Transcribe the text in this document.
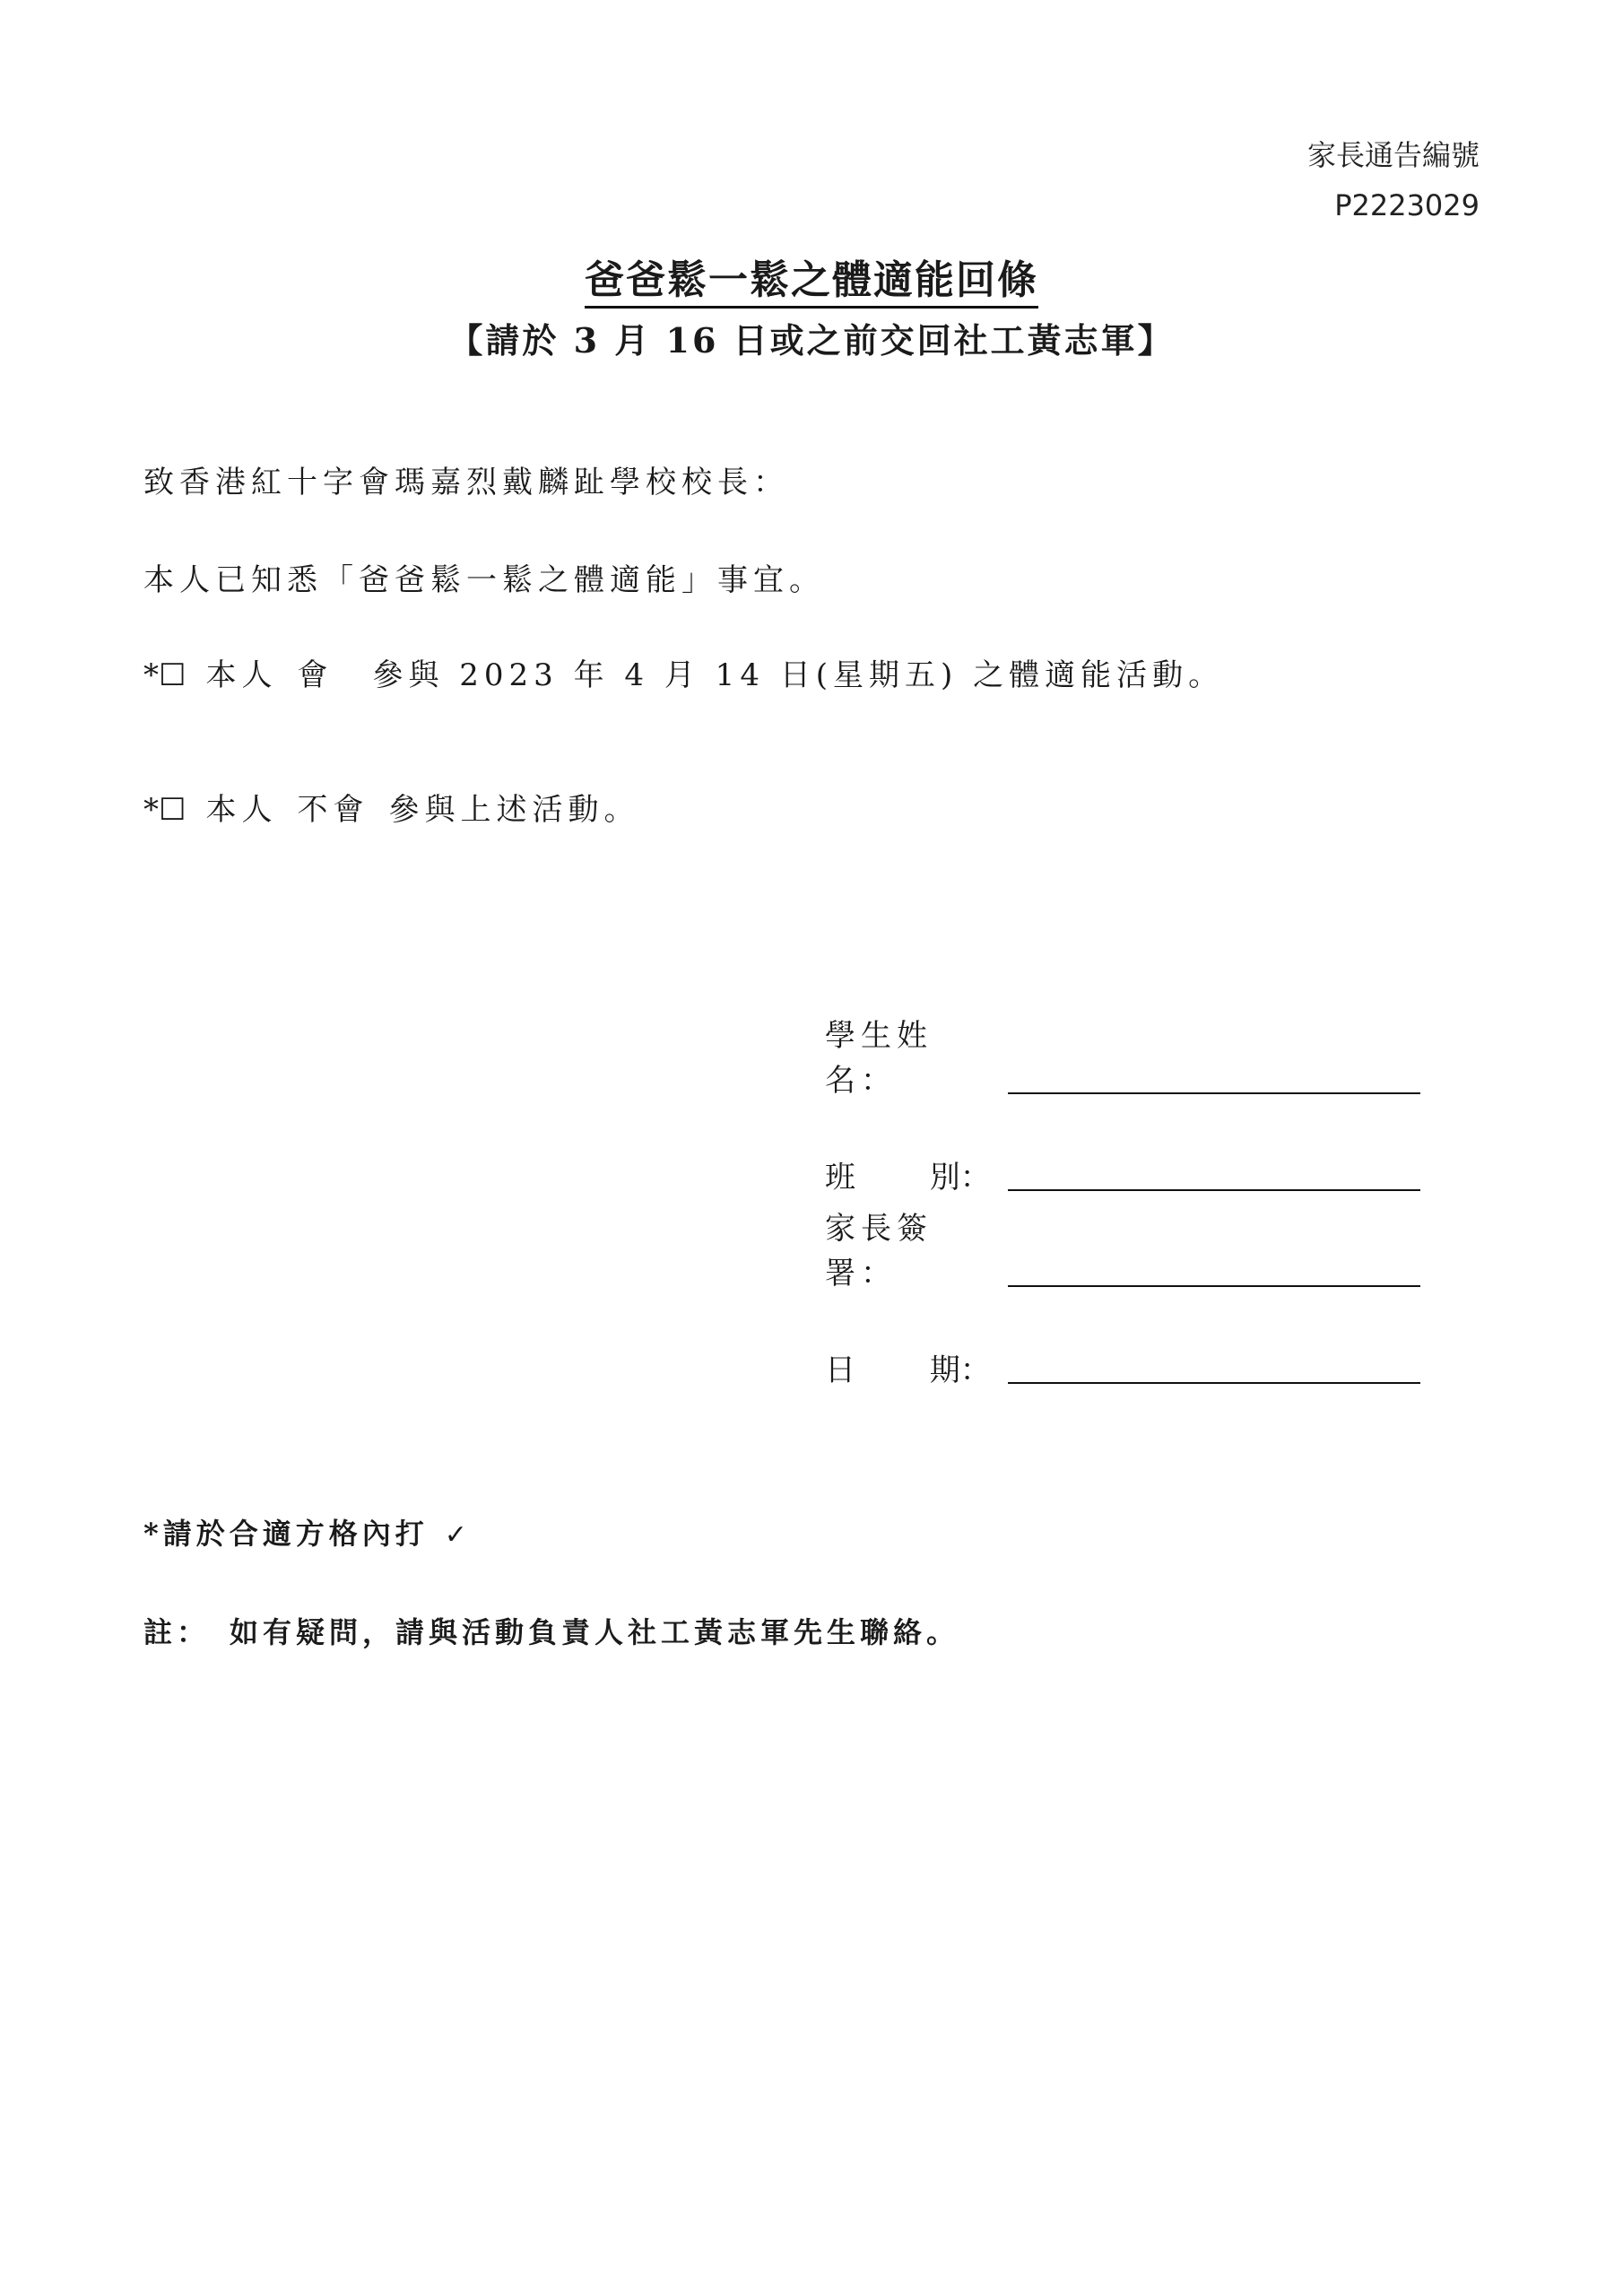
家長通告編號
P2223029
爸爸鬆一鬆之體適能回條
【請於 3 月 16 日或之前交回社工黃志軍】
致香港紅十字會瑪嘉烈戴麟趾學校校長：
本人已知悉「爸爸鬆一鬆之體適能」事宜。
*☐ 本人 會 參與 2023 年 4 月 14 日(星期五) 之體適能活動。
*☐ 本人 不會 參與上述活動。
學生姓名：
班 別：
家長簽署：
日 期：
*請於合適方格內打 ✓
註： 如有疑問，請與活動負責人社工黃志軍先生聯絡。
